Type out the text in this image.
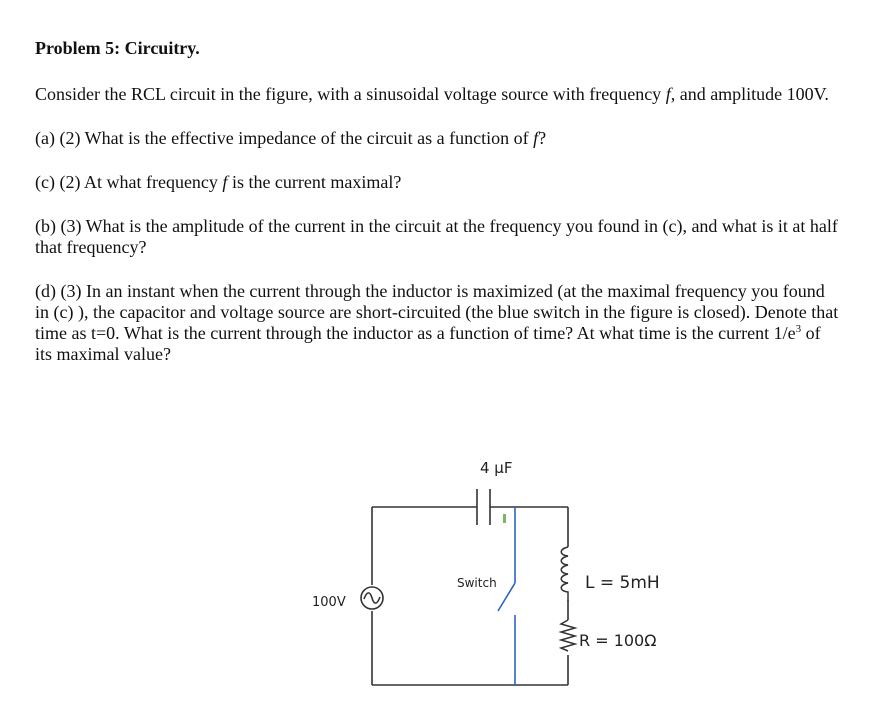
Problem 5: Circuitry.
Consider the RCL circuit in the figure, with a sinusoidal voltage source with frequency f, and amplitude 100V.
(a) (2) What is the effective impedance of the circuit as a function of f?
(c) (2) At what frequency f is the current maximal?
(b) (3) What is the amplitude of the current in the circuit at the frequency you found in (c), and what is it at half that frequency?
(d) (3) In an instant when the current through the inductor is maximized (at the maximal frequency you found in (c) ), the capacitor and voltage source are short-circuited (the blue switch in the figure is closed). Denote that time as t=0. What is the current through the inductor as a function of time? At what time is the current $1/e^3$ of its maximal value?
4 μF
Switch
100V
L = 5mH
R = 100Ω
